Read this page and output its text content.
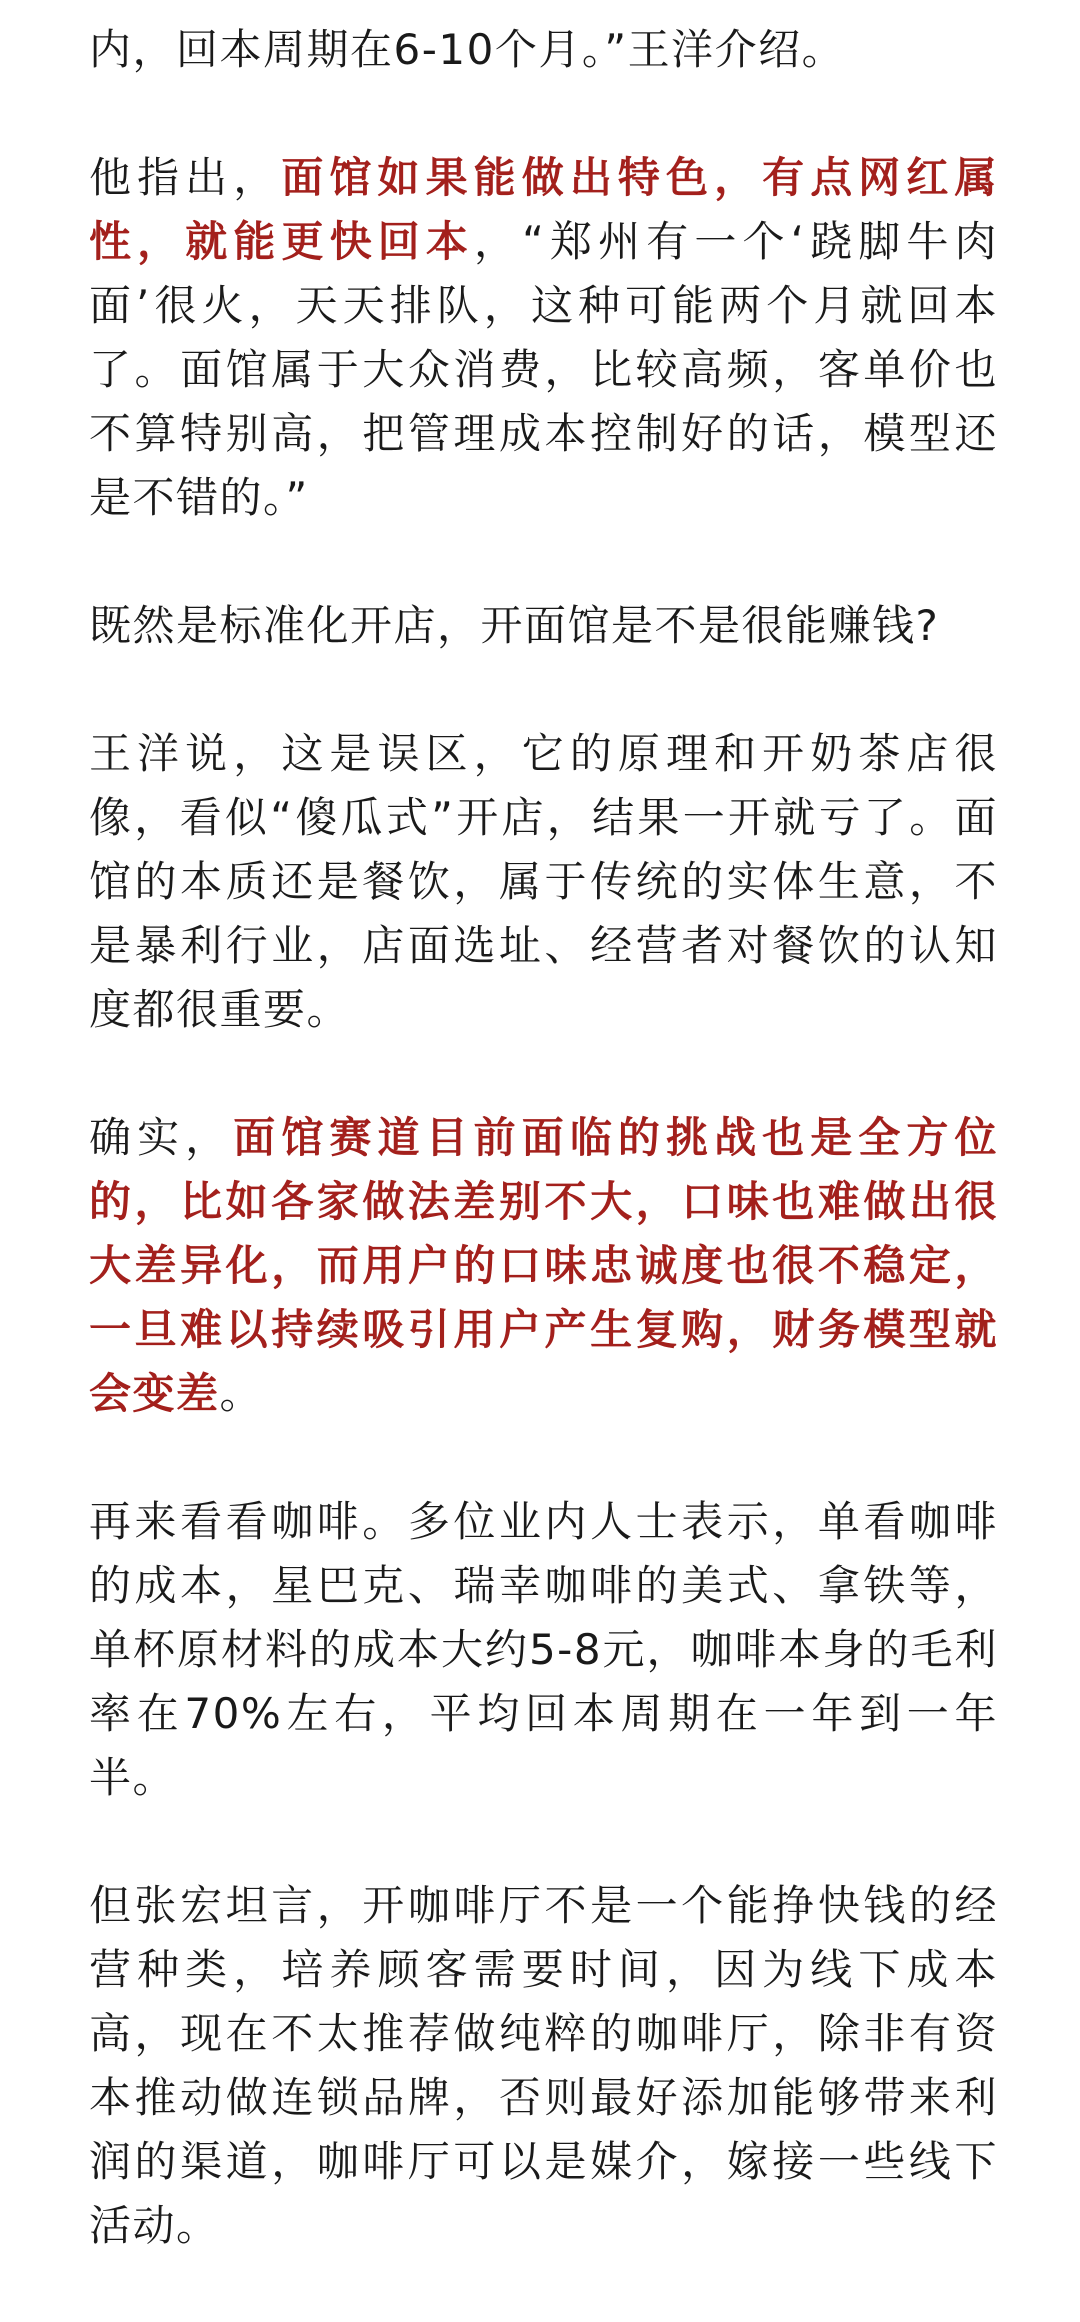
内，回本周期在6-10个月。”王洋介绍。

他指出，面馆如果能做出特色，有点网红属性，就能更快回本，“郑州有一个‘跷脚牛肉面’很火，天天排队，这种可能两个月就回本了。面馆属于大众消费，比较高频，客单价也不算特别高，把管理成本控制好的话，模型还是不错的。”

既然是标准化开店，开面馆是不是很能赚钱?

王洋说，这是误区，它的原理和开奶茶店很像，看似“傻瓜式”开店，结果一开就亏了。面馆的本质还是餐饮，属于传统的实体生意，不是暴利行业，店面选址、经营者对餐饮的认知度都很重要。

确实，面馆赛道目前面临的挑战也是全方位的，比如各家做法差别不大，口味也难做出很大差异化，而用户的口味忠诚度也很不稳定，一旦难以持续吸引用户产生复购，财务模型就会变差。

再来看看咖啡。多位业内人士表示，单看咖啡的成本，星巴克、瑞幸咖啡的美式、拿铁等，单杯原材料的成本大约5-8元，咖啡本身的毛利率在70%左右，平均回本周期在一年到一年半。

但张宏坦言，开咖啡厅不是一个能挣快钱的经营种类，培养顾客需要时间，因为线下成本高，现在不太推荐做纯粹的咖啡厅，除非有资本推动做连锁品牌，否则最好添加能够带来利润的渠道，咖啡厅可以是媒介，嫁接一些线下活动。
